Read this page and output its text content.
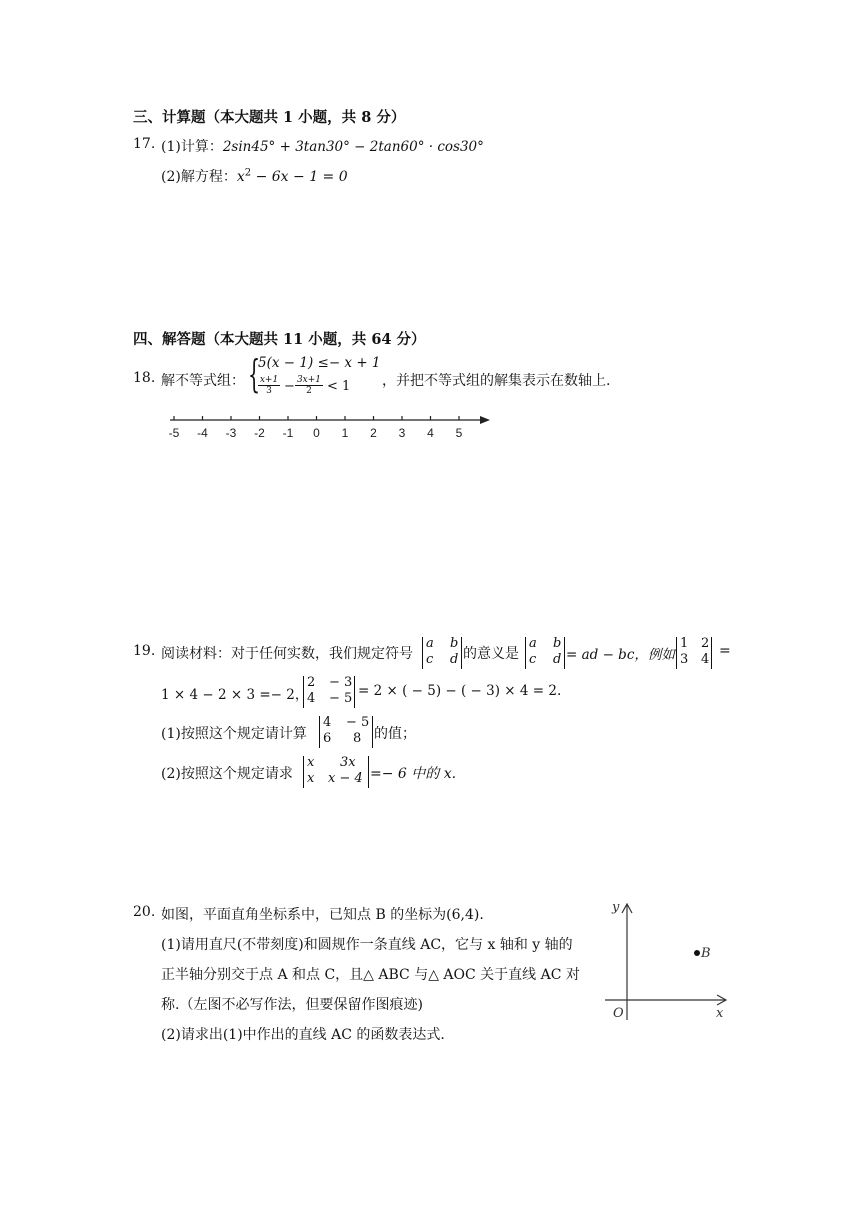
三、计算题（本大题共 1 小题，共 8 分）
17. (1)计算：2sin45° + 3tan30° − 2tan60° · cos30°
(2)解方程：$x^2 - 6x - 1 = 0$
四、解答题（本大题共 11 小题，共 64 分）
18. 解不等式组： {
5(x − 1) ≤− x + 1
$\frac{x+1}{3} - \frac{3x+1}{2} < 1$ ，并把不等式组的解集表示在数轴上.
-5 -4 -3 -2 -1 0 1 2 3 4 5
19. 阅读材料：对于任何实数，我们规定符号
a b
c d 的意义是
a b
c d = ad − bc，例如
1 2
3 4
=
1 × 4 − 2 × 3 =− 2，
2 − 3
4 − 5 = 2 × ( − 5) − ( − 3) × 4 = 2.
(1)按照这个规定请计算
4 − 5
6 8 的值；
(2)按照这个规定请求
x 3x
x x − 4 =− 6 中的 x.
20. 如图，平面直角坐标系中，已知点 B 的坐标为(6,4).
(1)请用直尺(不带刻度)和圆规作一条直线 AC，它与 x 轴和 y 轴的
正半轴分别交于点 A 和点 C，且△ ABC 与△ AOC 关于直线 AC 对
称.（左图不必写作法，但要保留作图痕迹)
(2)请求出(1)中作出的直线 AC 的函数表达式.
y
x
O
B
